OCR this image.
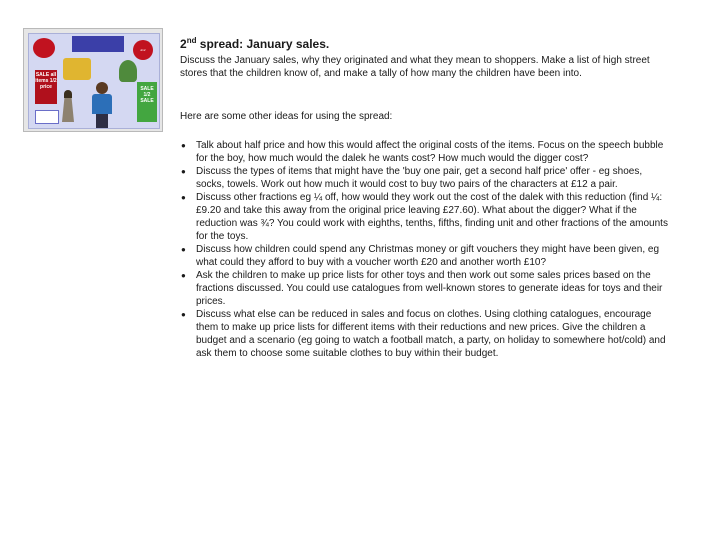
£12
SALE all items 1/2 price	SALE 1/2 SALE
2nd spread: January sales.

Discuss the January sales, why they originated and what they mean to shoppers. Make a list of high street stores that the children know of, and make a tally of how many the children have been into.

Here are some other ideas for using the spread:

● Talk about half price and how this would affect the original costs of the items. Focus on the speech bubble for the boy, how much would the dalek he wants cost? How much would the digger cost?
● Discuss the types of items that might have the 'buy one pair, get a second half price' offer - eg shoes, socks, towels. Work out how much it would cost to buy two pairs of the characters at £12 a pair.
● Discuss other fractions eg ¼ off, how would they work out the cost of the dalek with this reduction (find ¼: £9.20 and take this away from the original price leaving £27.60). What about the digger? What if the reduction was ¾? You could work with eighths, tenths, fifths, finding unit and other fractions of the amounts for the toys.
● Discuss how children could spend any Christmas money or gift vouchers they might have been given, eg what could they afford to buy with a voucher worth £20 and another worth £10?
● Ask the children to make up price lists for other toys and then work out some sales prices based on the fractions discussed. You could use catalogues from well-known stores to generate ideas for toys and their prices.
● Discuss what else can be reduced in sales and focus on clothes. Using clothing catalogues, encourage them to make up price lists for different items with their reductions and new prices. Give the children a budget and a scenario (eg going to watch a football match, a party, on holiday to somewhere hot/cold) and ask them to choose some suitable clothes to buy within their budget.
